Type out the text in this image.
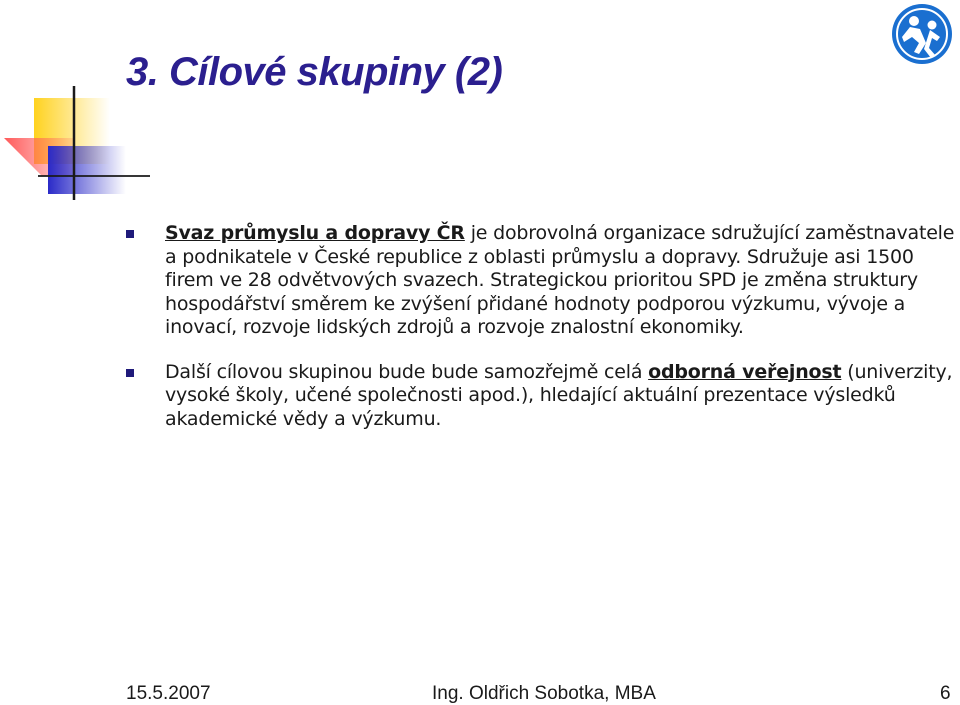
3. Cílové skupiny (2)
Svaz průmyslu a dopravy ČR je dobrovolná organizace sdružující zaměstnavatele a podnikatele v České republice z oblasti průmyslu a dopravy. Sdružuje asi 1500 firem ve 28 odvětvových svazech. Strategickou prioritou SPD je změna struktury hospodářství směrem ke zvýšení přidané hodnoty podporou výzkumu, vývoje a inovací, rozvoje lidských zdrojů a rozvoje znalostní ekonomiky.
Další cílovou skupinou bude bude samozřejmě celá odborná veřejnost (univerzity, vysoké školy, učené společnosti apod.), hledající aktuální prezentace výsledků akademické vědy a výzkumu.
15.5.2007	Ing. Oldřich Sobotka, MBA	6
